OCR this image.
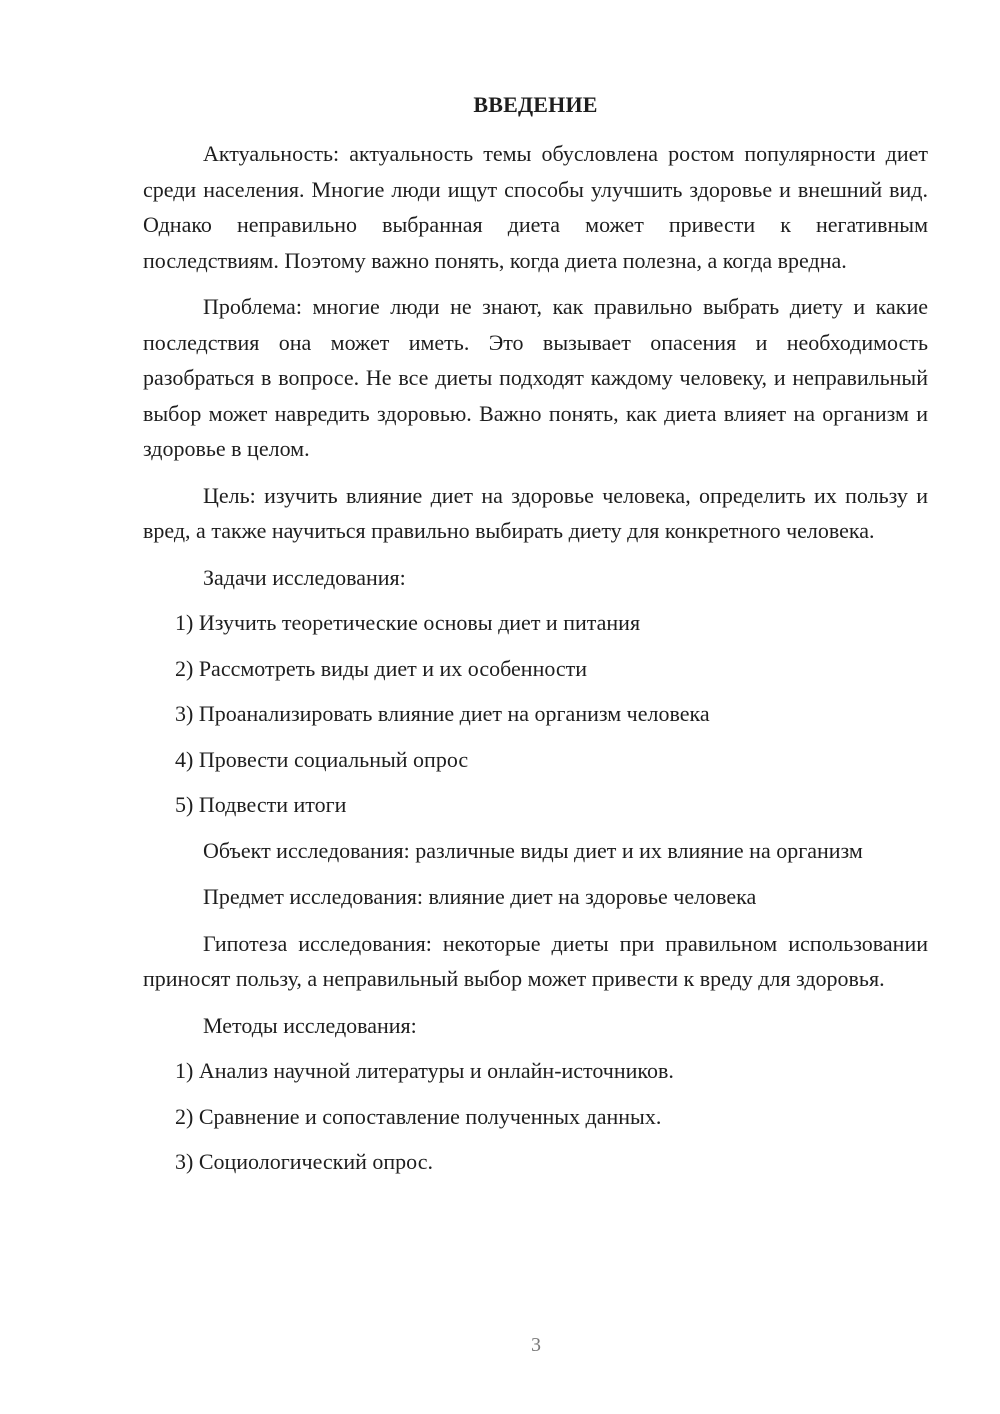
ВВЕДЕНИЕ

Актуальность: актуальность темы обусловлена ростом популярности диет среди населения. Многие люди ищут способы улучшить здоровье и внешний вид. Однако неправильно выбранная диета может привести к негативным последствиям. Поэтому важно понять, когда диета полезна, а когда вредна.

Проблема: многие люди не знают, как правильно выбрать диету и какие последствия она может иметь. Это вызывает опасения и необходимость разобраться в вопросе. Не все диеты подходят каждому человеку, и неправильный выбор может навредить здоровью. Важно понять, как диета влияет на организм и здоровье в целом.

Цель: изучить влияние диет на здоровье человека, определить их пользу и вред, а также научиться правильно выбирать диету для конкретного человека.

Задачи исследования:
1) Изучить теоретические основы диет и питания
2) Рассмотреть виды диет и их особенности
3) Проанализировать влияние диет на организм человека
4) Провести социальный опрос
5) Подвести итоги

Объект исследования: различные виды диет и их влияние на организм

Предмет исследования: влияние диет на здоровье человека

Гипотеза исследования: некоторые диеты при правильном использовании приносят пользу, а неправильный выбор может привести к вреду для здоровья.

Методы исследования:
1) Анализ научной литературы и онлайн-источников.
2) Сравнение и сопоставление полученных данных.
3) Социологический опрос.
3
